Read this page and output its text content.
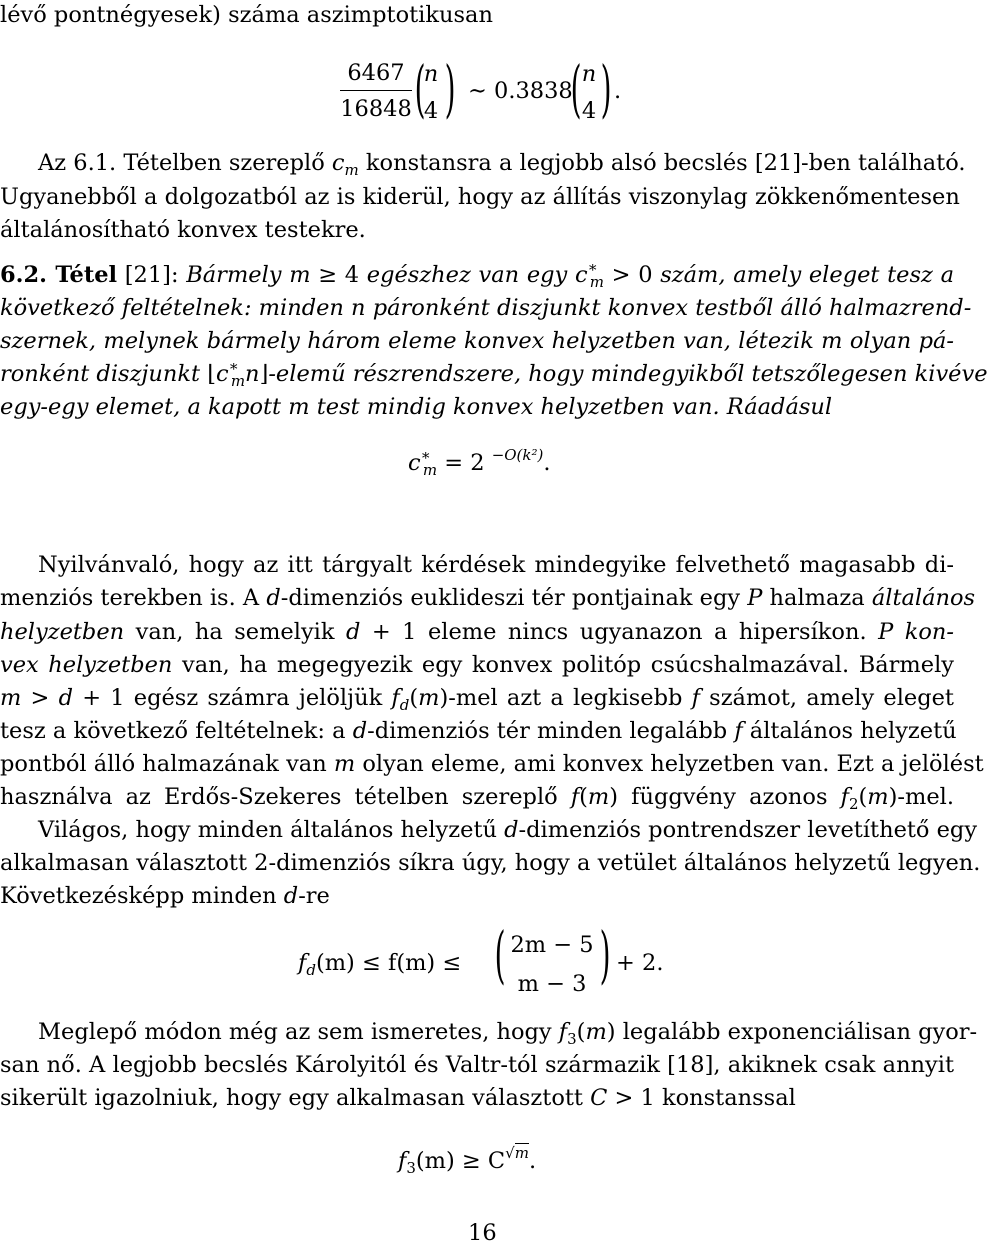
lévő pontnégyesek) száma aszimptotikusan
$\frac{6467}{16848}$ (
n
4 ) ∼ 0.3838
( n
4 ) .
Az 6.1. Tételben szereplő $c_m$ konstansra a legjobb alsó becslés [21]-ben található.
Ugyanebből a dolgozatból az is kiderül, hogy az állítás viszonylag zökkenőmentesen
általánosítható konvex testekre.
6.2. Tétel [21]: Bármely m ≥ 4 egészhez van egy $c^∗_m > 0$ szám, amely eleget tesz a
következő feltételnek: minden n páronként diszjunkt konvex testből álló halmazrend-
szernek, melynek bármely három eleme konvex helyzetben van, létezik m olyan pá-
ronként diszjunkt $⌊c^∗_mn⌋$-elemű részrendszere, hogy mindegyikből tetszőlegesen kivéve
egy-egy elemet, a kapott m test mindig konvex helyzetben van. Ráadásul
$c^∗_m = 2$ $^{-O(k^2)}$.
Nyilvánvaló, hogy az itt tárgyalt kérdések mindegyike felvethető magasabb di-
menziós terekben is. A d-dimenziós euklideszi tér pontjainak egy P halmaza általános
helyzetben van, ha semelyik d + 1 eleme nincs ugyanazon a hipersíkon. P kon-
vex helyzetben van, ha megegyezik egy konvex politóp csúcshalmazával. Bármely
m > d + 1 egész számra jelöljük $f_d(m)$-mel azt a legkisebb f számot, amely eleget
tesz a következő feltételnek: a d-dimenziós tér minden legalább f általános helyzetű
pontból álló halmazának van m olyan eleme, ami konvex helyzetben van. Ezt a jelölést
használva az Erdős-Szekeres tételben szereplő f(m) függvény azonos $f_2(m)$-mel.
Világos, hogy minden általános helyzetű d-dimenziós pontrendszer levetíthető egy
alkalmasan választott 2-dimenziós síkra úgy, hogy a vetület általános helyzetű legyen.
Következésképp minden d-re
$f_d(m) \le f(m)$ ≤ ( 2m − 5
m − 3 ) + 2.
Meglepő módon még az sem ismeretes, hogy $f_3(m)$ legalább exponenciálisan gyor-
san nő. A legjobb becslés Károlyitól és Valtr-tól származik [18], akiknek csak annyit
sikerült igazolniuk, hogy egy alkalmasan választott C > 1 konstanssal
$f_3(m) \ge C^{√m}$.
16
